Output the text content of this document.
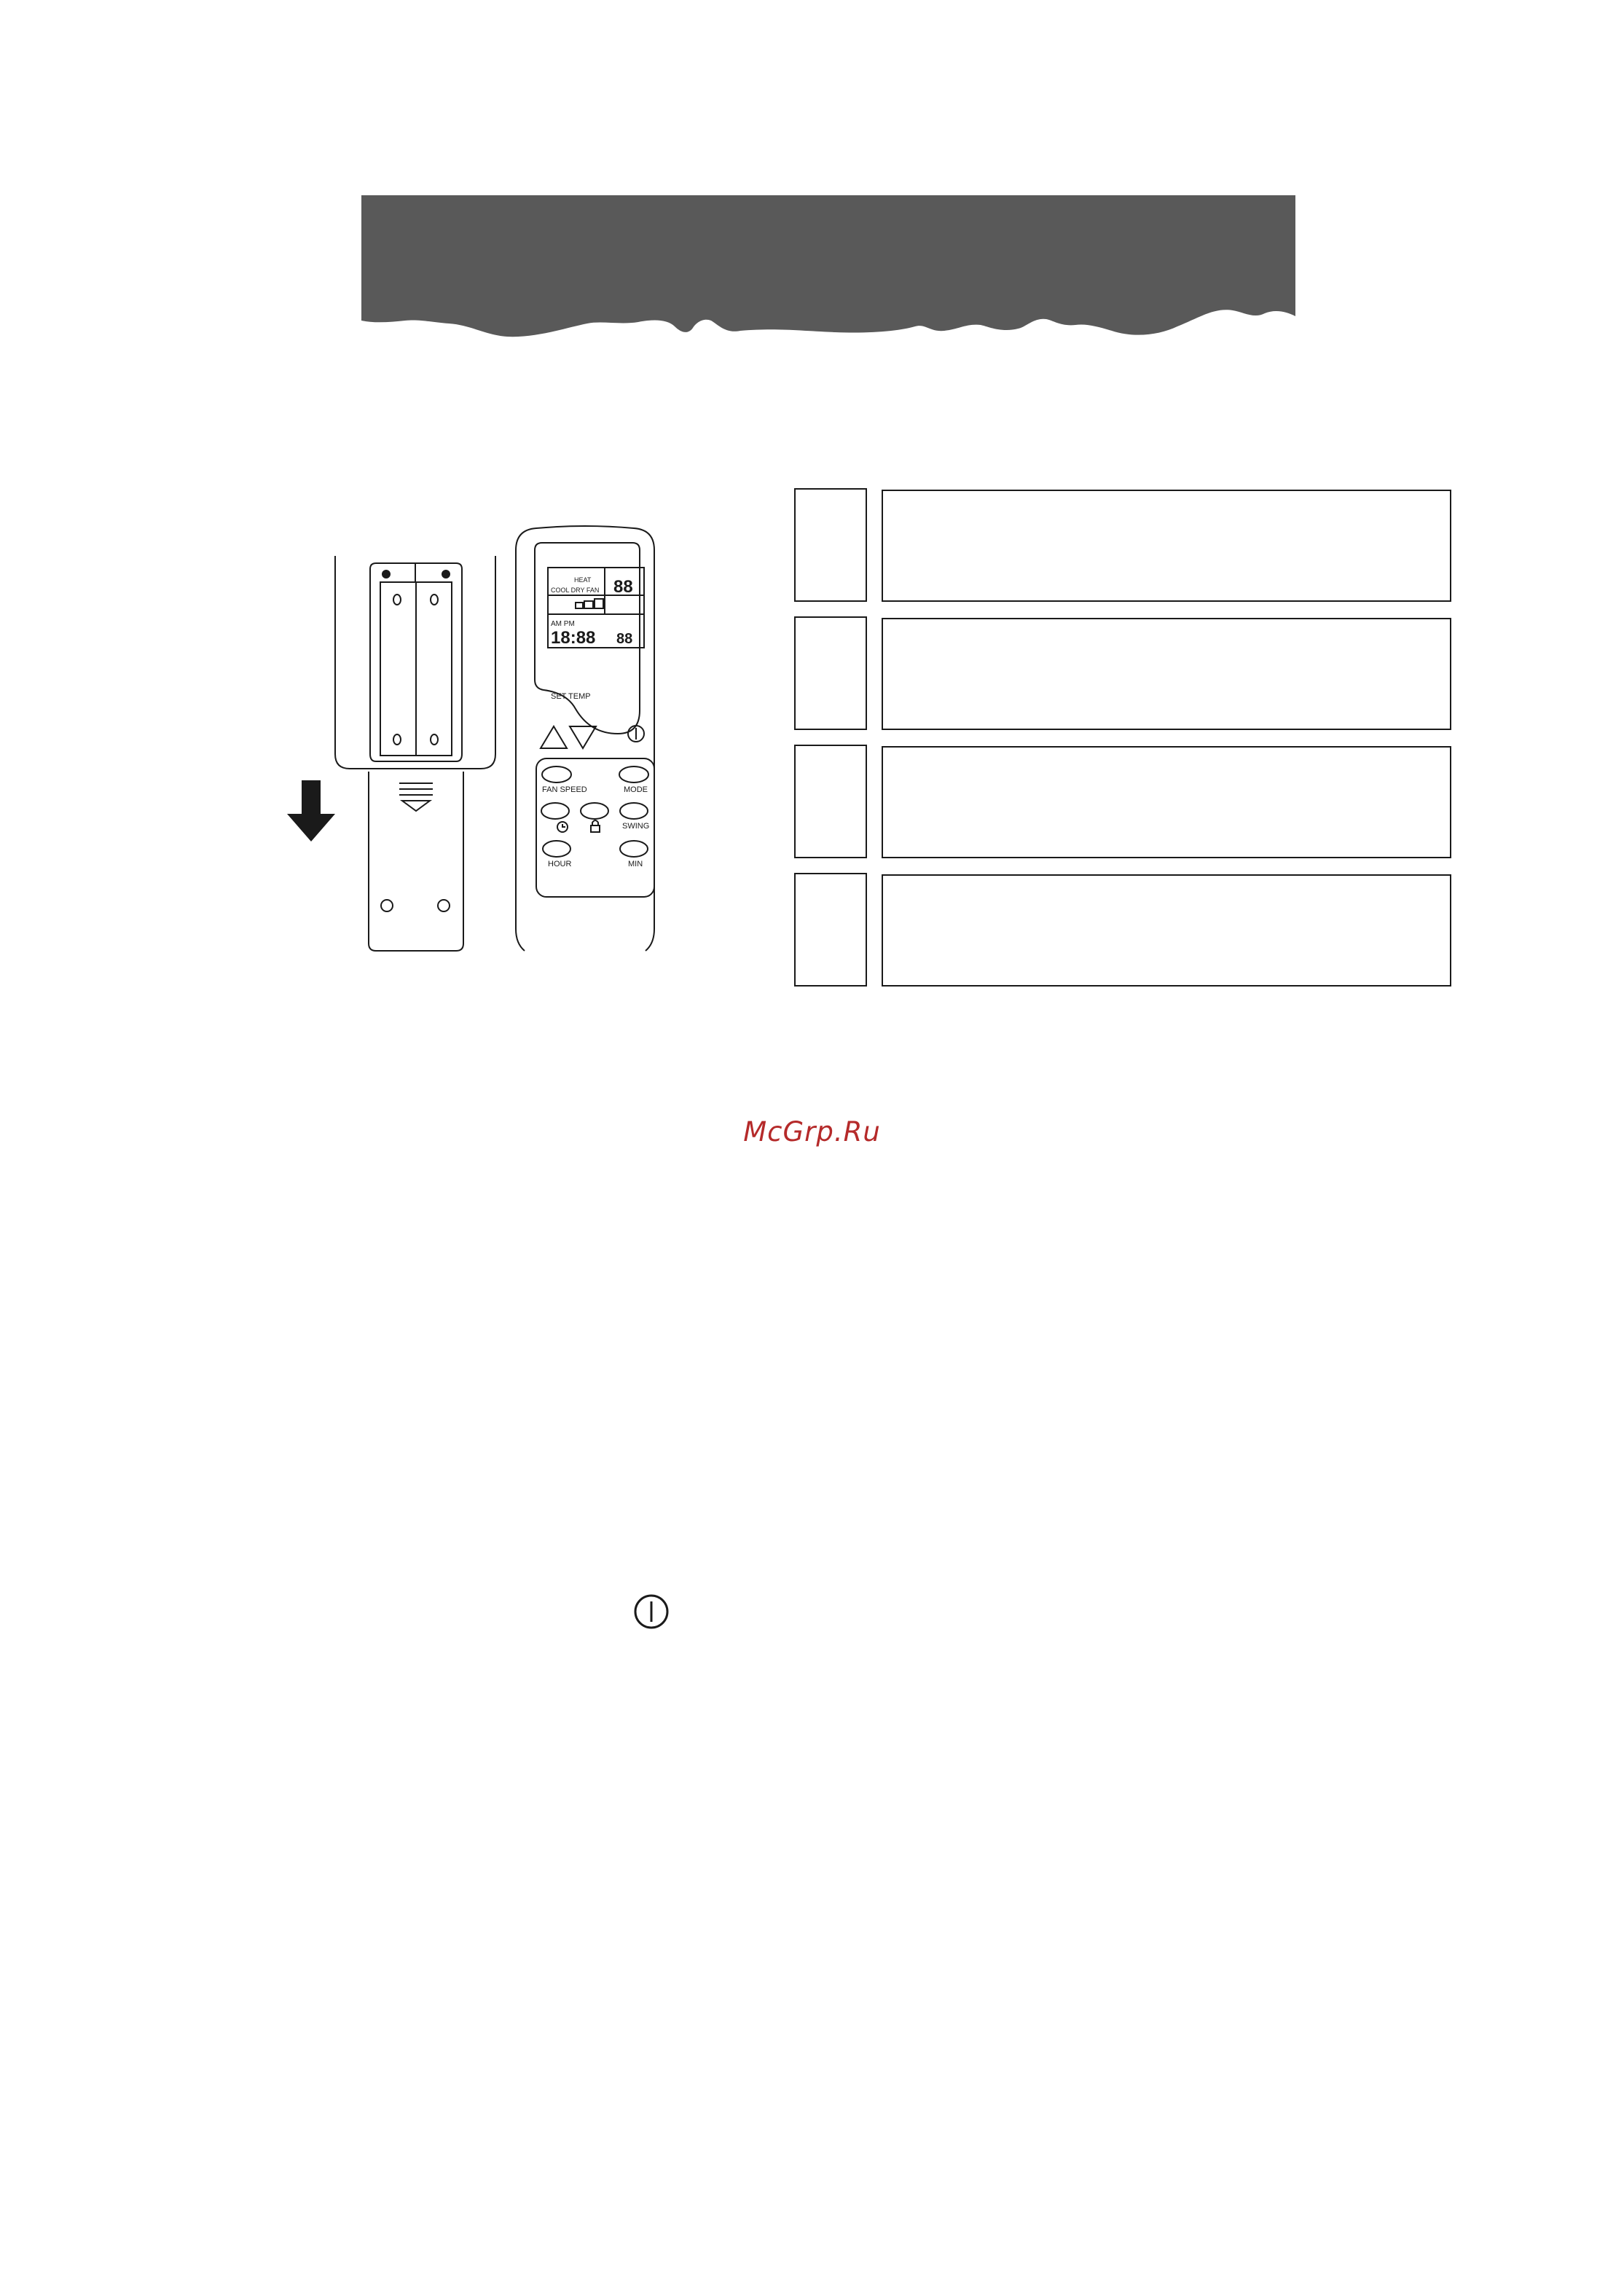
HEAT
COOL DRY FAN 88
AM PM
18:88 88
SET TEMP
FAN SPEED	MODE
SWING
HOUR	MIN
McGrp.Ru
